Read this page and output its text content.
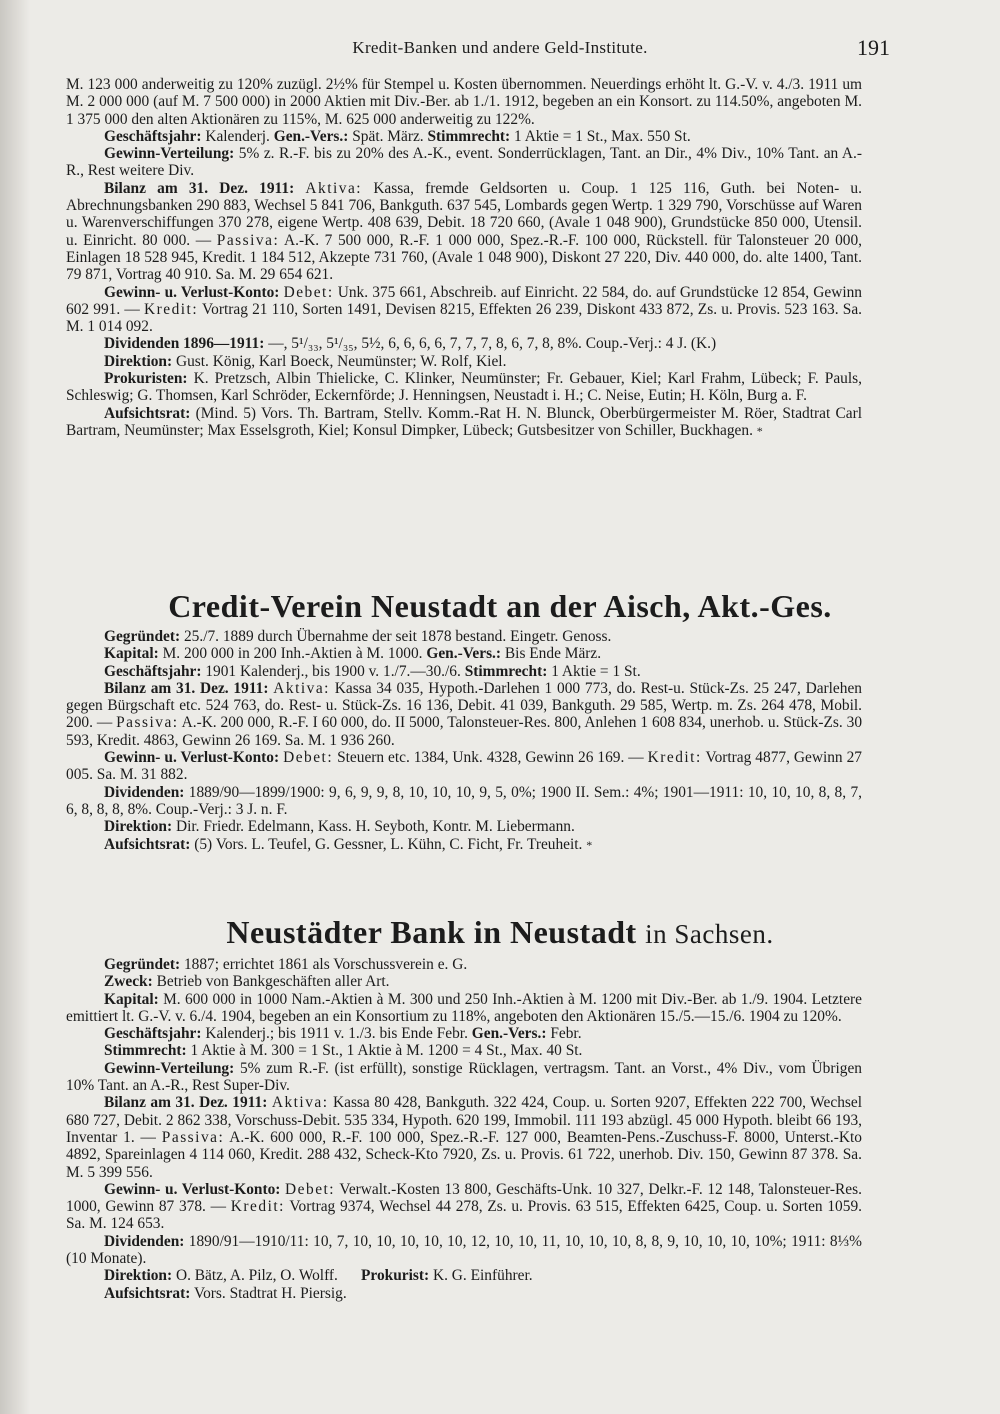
Kredit-Banken und andere Geld-Institute.	191

M. 123 000 anderweitig zu 120% zuzügl. 2½% für Stempel u. Kosten übernommen. Neuerdings erhöht lt. G.-V. v. 4./3. 1911 um M. 2 000 000 (auf M. 7 500 000) in 2000 Aktien mit Div.-Ber. ab 1./1. 1912, begeben an ein Konsort. zu 114.50%, angeboten M. 1 375 000 den alten Aktionären zu 115%, M. 625 000 anderweitig zu 122%.

Geschäftsjahr: Kalenderj. Gen.-Vers.: Spät. März. Stimmrecht: 1 Aktie = 1 St., Max. 550 St.

Gewinn-Verteilung: 5% z. R.-F. bis zu 20% des A.-K., event. Sonderrücklagen, Tant. an Dir., 4% Div., 10% Tant. an A.-R., Rest weitere Div.

Bilanz am 31. Dez. 1911: Aktiva: Kassa, fremde Geldsorten u. Coup. 1 125 116, Guth. bei Noten- u. Abrechnungsbanken 290 883, Wechsel 5 841 706, Bankguth. 637 545, Lombards gegen Wertp. 1 329 790, Vorschüsse auf Waren u. Warenverschiffungen 370 278, eigene Wertp. 408 639, Debit. 18 720 660, (Avale 1 048 900), Grundstücke 850 000, Utensil. u. Einricht. 80 000. — Passiva: A.-K. 7 500 000, R.-F. 1 000 000, Spez.-R.-F. 100 000, Rückstell. für Talonsteuer 20 000, Einlagen 18 528 945, Kredit. 1 184 512, Akzepte 731 760, (Avale 1 048 900), Diskont 27 220, Div. 440 000, do. alte 1400, Tant. 79 871, Vortrag 40 910. Sa. M. 29 654 621.

Gewinn- u. Verlust-Konto: Debet: Unk. 375 661, Abschreib. auf Einricht. 22 584, do. auf Grundstücke 12 854, Gewinn 602 991. — Kredit: Vortrag 21 110, Sorten 1491, Devisen 8215, Effekten 26 239, Diskont 433 872, Zs. u. Provis. 523 163. Sa. M. 1 014 092.

Dividenden 1896—1911: —, 5¹/₃₃, 5¹/₃₅, 5½, 6, 6, 6, 6, 7, 7, 7, 8, 6, 7, 8, 8%. Coup.-Verj.: 4 J. (K.)

Direktion: Gust. König, Karl Boeck, Neumünster; W. Rolf, Kiel.

Prokuristen: K. Pretzsch, Albin Thielicke, C. Klinker, Neumünster; Fr. Gebauer, Kiel; Karl Frahm, Lübeck; F. Pauls, Schleswig; G. Thomsen, Karl Schröder, Eckernförde; J. Henningsen, Neustadt i. H.; C. Neise, Eutin; H. Köln, Burg a. F.

Aufsichtsrat: (Mind. 5) Vors. Th. Bartram, Stellv. Komm.-Rat H. N. Blunck, Oberbürgermeister M. Röer, Stadtrat Carl Bartram, Neumünster; Max Esselsgroth, Kiel; Konsul Dimpker, Lübeck; Gutsbesitzer von Schiller, Buckhagen. *

Credit-Verein Neustadt an der Aisch, Akt.-Ges.

Gegründet: 25./7. 1889 durch Übernahme der seit 1878 bestand. Eingetr. Genoss.

Kapital: M. 200 000 in 200 Inh.-Aktien à M. 1000. Gen.-Vers.: Bis Ende März.

Geschäftsjahr: 1901 Kalenderj., bis 1900 v. 1./7.—30./6. Stimmrecht: 1 Aktie = 1 St.

Bilanz am 31. Dez. 1911: Aktiva: Kassa 34 035, Hypoth.-Darlehen 1 000 773, do. Rest-u. Stück-Zs. 25 247, Darlehen gegen Bürgschaft etc. 524 763, do. Rest- u. Stück-Zs. 16 136, Debit. 41 039, Bankguth. 29 585, Wertp. m. Zs. 264 478, Mobil. 200. — Passiva: A.-K. 200 000, R.-F. I 60 000, do. II 5000, Talonsteuer-Res. 800, Anlehen 1 608 834, unerhob. u. Stück-Zs. 30 593, Kredit. 4863, Gewinn 26 169. Sa. M. 1 936 260.

Gewinn- u. Verlust-Konto: Debet: Steuern etc. 1384, Unk. 4328, Gewinn 26 169. — Kredit: Vortrag 4877, Gewinn 27 005. Sa. M. 31 882.

Dividenden: 1889/90—1899/1900: 9, 6, 9, 9, 8, 10, 10, 10, 9, 5, 0%; 1900 II. Sem.: 4%; 1901—1911: 10, 10, 10, 8, 8, 7, 6, 8, 8, 8, 8%. Coup.-Verj.: 3 J. n. F.

Direktion: Dir. Friedr. Edelmann, Kass. H. Seyboth, Kontr. M. Liebermann.

Aufsichtsrat: (5) Vors. L. Teufel, G. Gessner, L. Kühn, C. Ficht, Fr. Treuheit. *

Neustädter Bank in Neustadt in Sachsen.

Gegründet: 1887; errichtet 1861 als Vorschussverein e. G.

Zweck: Betrieb von Bankgeschäften aller Art.

Kapital: M. 600 000 in 1000 Nam.-Aktien à M. 300 und 250 Inh.-Aktien à M. 1200 mit Div.-Ber. ab 1./9. 1904. Letztere emittiert lt. G.-V. v. 6./4. 1904, begeben an ein Konsortium zu 118%, angeboten den Aktionären 15./5.—15./6. 1904 zu 120%.

Geschäftsjahr: Kalenderj.; bis 1911 v. 1./3. bis Ende Febr. Gen.-Vers.: Febr.

Stimmrecht: 1 Aktie à M. 300 = 1 St., 1 Aktie à M. 1200 = 4 St., Max. 40 St.

Gewinn-Verteilung: 5% zum R.-F. (ist erfüllt), sonstige Rücklagen, vertragsm. Tant. an Vorst., 4% Div., vom Übrigen 10% Tant. an A.-R., Rest Super-Div.

Bilanz am 31. Dez. 1911: Aktiva: Kassa 80 428, Bankguth. 322 424, Coup. u. Sorten 9207, Effekten 222 700, Wechsel 680 727, Debit. 2 862 338, Vorschuss-Debit. 535 334, Hypoth. 620 199, Immobil. 111 193 abzügl. 45 000 Hypoth. bleibt 66 193, Inventar 1. — Passiva: A.-K. 600 000, R.-F. 100 000, Spez.-R.-F. 127 000, Beamten-Pens.-Zuschuss-F. 8000, Unterst.-Kto 4892, Spareinlagen 4 114 060, Kredit. 288 432, Scheck-Kto 7920, Zs. u. Provis. 61 722, unerhob. Div. 150, Gewinn 87 378. Sa. M. 5 399 556.

Gewinn- u. Verlust-Konto: Debet: Verwalt.-Kosten 13 800, Geschäfts-Unk. 10 327, Delkr.-F. 12 148, Talonsteuer-Res. 1000, Gewinn 87 378. — Kredit: Vortrag 9374, Wechsel 44 278, Zs. u. Provis. 63 515, Effekten 6425, Coup. u. Sorten 1059. Sa. M. 124 653.

Dividenden: 1890/91—1910/11: 10, 7, 10, 10, 10, 10, 10, 12, 10, 10, 11, 10, 10, 10, 8, 8, 9, 10, 10, 10, 10%; 1911: 8⅓% (10 Monate).

Direktion: O. Bätz, A. Pilz, O. Wolff. Prokurist: K. G. Einführer.

Aufsichtsrat: Vors. Stadtrat H. Piersig.
